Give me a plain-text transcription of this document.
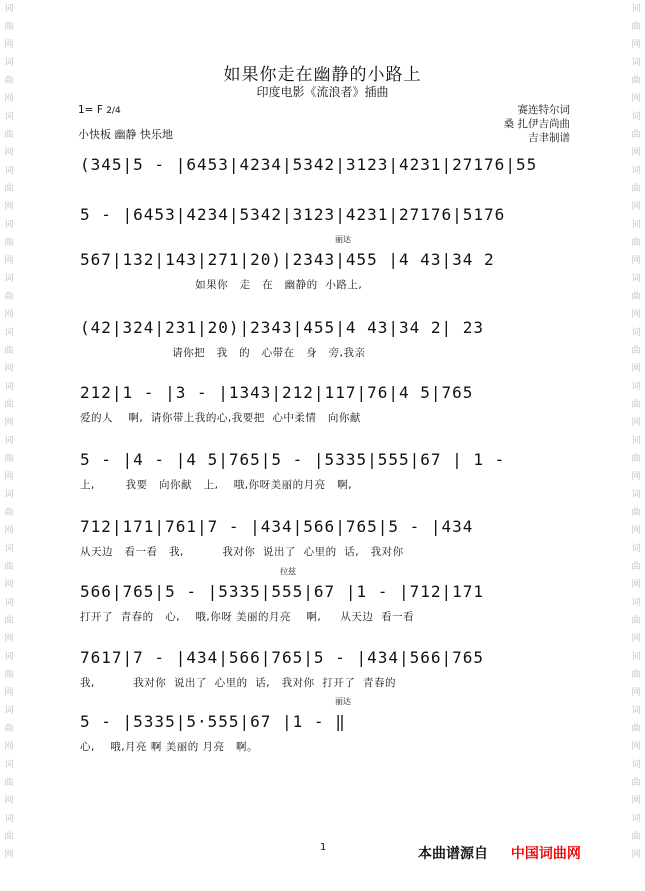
词
曲
网
词
曲
网
词
曲
网
词
曲
网
词
曲
网
词
曲
网
词
曲
网
词
曲
网
词
曲
网
词
曲
网
词
曲
网
词
曲
网
词
曲
网
词
曲
网
词
曲
网
词
曲
网
词
曲
网
词
曲
网
词
曲
网
词
曲
网
词
曲
网
词
曲
网
词
曲
网
词
曲
网
词
曲
网
词
曲
网
词
曲
网
词
曲
网
词
曲
网
词
曲
网
词
曲
网
词
曲
网
如果你走在幽静的小路上
印度电影《流浪者》插曲
1= F 2/4
小快板 幽静 快乐地
赛连特尔词
桑 扎伊吉尚曲
吉聿制谱
(345|5 - |6453|4234|5342|3123|4231|27176|55
5 - |6453|4234|5342|3123|4231|27176|5176
丽达
567|132|143|271|20)|2343|455 |4 43|34 2
如果你   走   在   幽静的  小路上,
(42|324|231|20)|2343|455|4 43|34 2| 23
请你把   我   的   心带在   身   旁,我亲
212|1 - |3 - |1343|212|117|76|4 5|765
爱的人    啊,  请你带上我的心,我要把  心中柔情   向你献
5 - |4 - |4 5|765|5 - |5335|555|67 | 1 -
上,        我要   向你献   上,    哦,你呀美丽的月亮   啊,
712|171|761|7 - |434|566|765|5 - |434
从天边   看一看   我,          我对你  说出了  心里的  话,   我对你
拉兹
566|765|5 - |5335|555|67 |1 - |712|171
打开了  青春的   心,    哦,你呀 美丽的月亮    啊,     从天边  看一看
7617|7 - |434|566|765|5 - |434|566|765
我,          我对你  说出了  心里的  话,   我对你  打开了  青春的
丽达
5 - |5335|5·555|67 |1 - ‖
心,    哦,月亮 啊 美丽的 月亮   啊。
1	本曲谱源自 中国词曲网
